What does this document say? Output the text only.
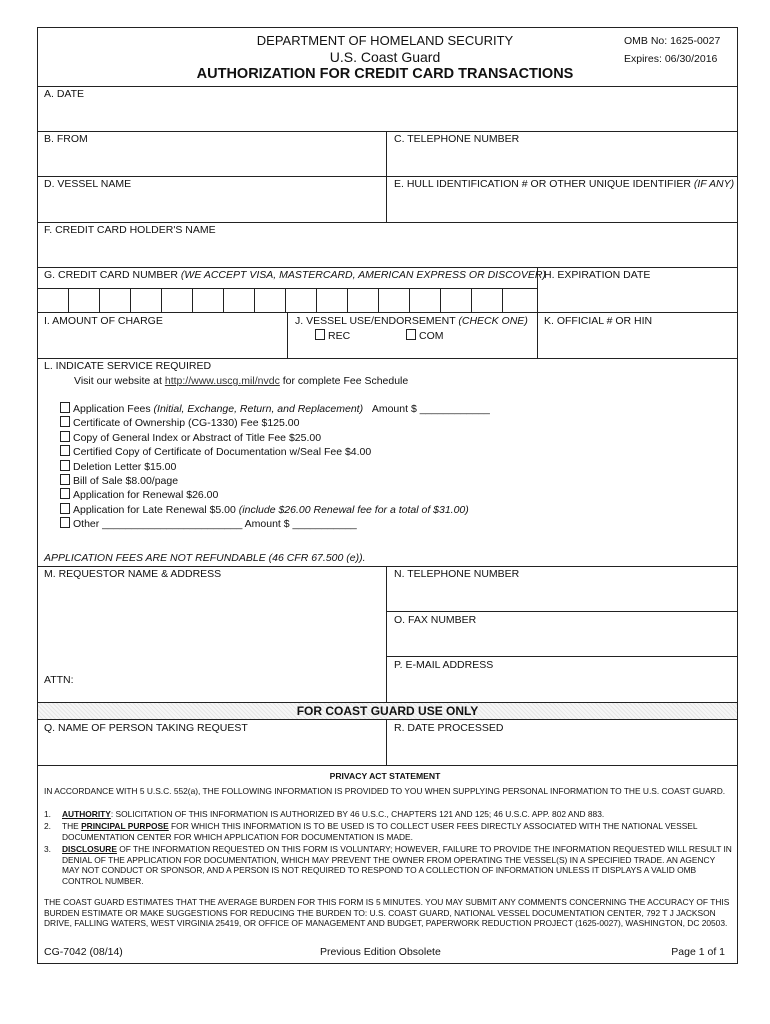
DEPARTMENT OF HOMELAND SECURITY
U.S. Coast Guard
AUTHORIZATION FOR CREDIT CARD TRANSACTIONS
OMB No: 1625-0027
Expires: 06/30/2016
A. DATE
B. FROM	C. TELEPHONE NUMBER
D. VESSEL NAME	E. HULL IDENTIFICATION # OR OTHER UNIQUE IDENTIFIER (IF ANY)
F. CREDIT CARD HOLDER'S NAME
G. CREDIT CARD NUMBER (WE ACCEPT VISA, MASTERCARD, AMERICAN EXPRESS OR DISCOVER)
H. EXPIRATION DATE
I. AMOUNT OF CHARGE	J. VESSEL USE/ENDORSEMENT (CHECK ONE)
REC	COM
K. OFFICIAL # OR HIN
L. INDICATE SERVICE REQUIRED
Visit our website at http://www.uscg.mil/nvdc for complete Fee Schedule
Application Fees (Initial, Exchange, Return, and Replacement) Amount $ ____________
Certificate of Ownership (CG-1330) Fee $125.00
Copy of General Index or Abstract of Title Fee $25.00
Certified Copy of Certificate of Documentation w/Seal Fee $4.00
Deletion Letter $15.00
Bill of Sale $8.00/page
Application for Renewal $26.00
Application for Late Renewal $5.00 (include $26.00 Renewal fee for a total of $31.00)
Other ________________________ Amount $ ___________
APPLICATION FEES ARE NOT REFUNDABLE (46 CFR 67.500 (e)).
M. REQUESTOR NAME & ADDRESS	N. TELEPHONE NUMBER
O. FAX NUMBER
P. E-MAIL ADDRESS
ATTN:
FOR COAST GUARD USE ONLY
Q. NAME OF PERSON TAKING REQUEST	R. DATE PROCESSED
PRIVACY ACT STATEMENT
IN ACCORDANCE WITH 5 U.S.C. 552(a), THE FOLLOWING INFORMATION IS PROVIDED TO YOU WHEN SUPPLYING PERSONAL INFORMATION TO THE U.S. COAST GUARD.
1. AUTHORITY: SOLICITATION OF THIS INFORMATION IS AUTHORIZED BY 46 U.S.C., CHAPTERS 121 AND 125; 46 U.S.C. APP. 802 AND 883.
2. THE PRINCIPAL PURPOSE FOR WHICH THIS INFORMATION IS TO BE USED IS TO COLLECT USER FEES DIRECTLY ASSOCIATED WITH THE NATIONAL VESSEL DOCUMENTATION CENTER FOR WHICH APPLICATION FOR DOCUMENTATION IS MADE.
3. DISCLOSURE OF THE INFORMATION REQUESTED ON THIS FORM IS VOLUNTARY; HOWEVER, FAILURE TO PROVIDE THE INFORMATION REQUESTED WILL RESULT IN DENIAL OF THE APPLICATION FOR DOCUMENTATION, WHICH MAY PREVENT THE OWNER FROM OPERATING THE VESSEL(S) IN A SPECIFIED TRADE. AN AGENCY MAY NOT CONDUCT OR SPONSOR, AND A PERSON IS NOT REQUIRED TO RESPOND TO A COLLECTION OF INFORMATION UNLESS IT DISPLAYS A VALID OMB CONTROL NUMBER.
THE COAST GUARD ESTIMATES THAT THE AVERAGE BURDEN FOR THIS FORM IS 5 MINUTES. YOU MAY SUBMIT ANY COMMENTS CONCERNING THE ACCURACY OF THIS BURDEN ESTIMATE OR MAKE SUGGESTIONS FOR REDUCING THE BURDEN TO: U.S. COAST GUARD, NATIONAL VESSEL DOCUMENTATION CENTER, 792 T J JACKSON DRIVE, FALLING WATERS, WEST VIRGINIA 25419, OR OFFICE OF MANAGEMENT AND BUDGET, PAPERWORK REDUCTION PROJECT (1625-0027), WASHINGTON, DC 20503.
CG-7042 (08/14)	Previous Edition Obsolete	Page 1 of 1
